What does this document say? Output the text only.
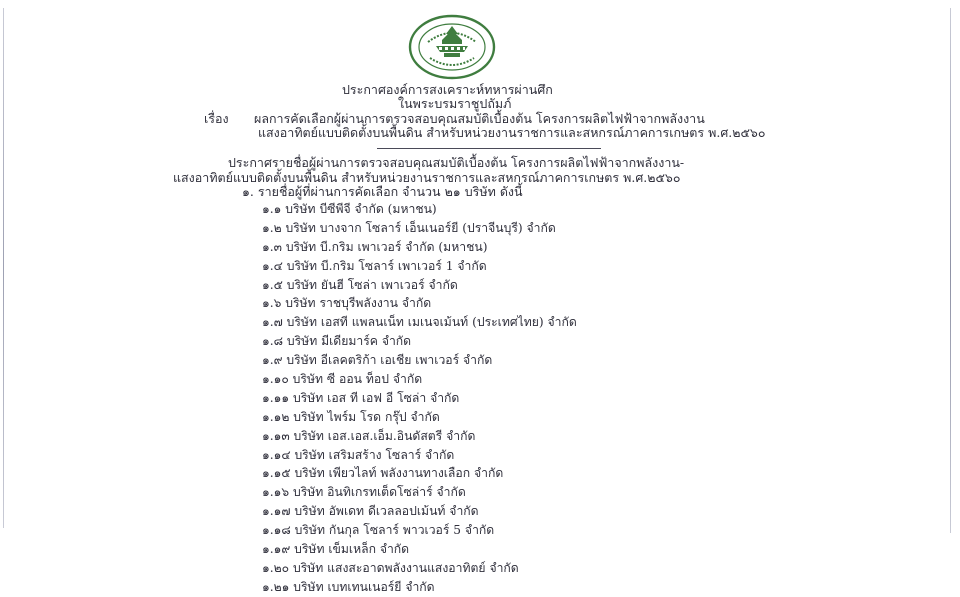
ประกาศองค์การสงเคราะห์ทหารผ่านศึก
ในพระบรมราชูปถัมภ์
เรื่อง ผลการคัดเลือกผู้ผ่านการตรวจสอบคุณสมบัติเบื้องต้น โครงการผลิตไฟฟ้าจากพลังงาน
แสงอาทิตย์แบบติดตั้งบนพื้นดิน สำหรับหน่วยงานราชการและสหกรณ์ภาคการเกษตร พ.ศ.๒๕๖๐
ประกาศรายชื่อผู้ผ่านการตรวจสอบคุณสมบัติเบื้องต้น โครงการผลิตไฟฟ้าจากพลังงาน-
แสงอาทิตย์แบบติดตั้งบนพื้นดิน สำหรับหน่วยงานราชการและสหกรณ์ภาคการเกษตร พ.ศ.๒๕๖๐
๑. รายชื่อผู้ที่ผ่านการคัดเลือก จำนวน ๒๑ บริษัท ดังนี้
๑.๑ บริษัท บีซีพีจี จำกัด (มหาชน)
๑.๒ บริษัท บางจาก โซลาร์ เอ็นเนอร์ยี (ปราจีนบุรี) จำกัด
๑.๓ บริษัท บี.กริม เพาเวอร์ จำกัด (มหาชน)
๑.๔ บริษัท บี.กริม โซลาร์ เพาเวอร์ 1 จำกัด
๑.๕ บริษัท ยันฮี โซล่า เพาเวอร์ จำกัด
๑.๖ บริษัท ราชบุรีพลังงาน จำกัด
๑.๗ บริษัท เอสที แพลนเน็ท เมเนจเม้นท์ (ประเทศไทย) จำกัด
๑.๘ บริษัท มีเดียมาร์ค จำกัด
๑.๙ บริษัท อีเลคตริก้า เอเชีย เพาเวอร์ จำกัด
๑.๑๐ บริษัท ซี ออน ท็อป จำกัด
๑.๑๑ บริษัท เอส ที เอฟ อี โซล่า จำกัด
๑.๑๒ บริษัท ไพร์ม โรด กรุ๊ป จำกัด
๑.๑๓ บริษัท เอส.เอส.เอ็ม.อินดัสตรี จำกัด
๑.๑๔ บริษัท เสริมสร้าง โซลาร์ จำกัด
๑.๑๕ บริษัท เพียวไลท์ พลังงานทางเลือก จำกัด
๑.๑๖ บริษัท อินทิเกรทเต็ดโซล่าร์ จำกัด
๑.๑๗ บริษัท อัพเดท ดีเวลลอปเม้นท์ จำกัด
๑.๑๘ บริษัท กันกุล โซลาร์ พาวเวอร์ 5 จำกัด
๑.๑๙ บริษัท เข็มเหล็ก จำกัด
๑.๒๐ บริษัท แสงสะอาดพลังงานแสงอาทิตย์ จำกัด
๑.๒๑ บริษัท เบทเทนเนอร์ยี จำกัด
